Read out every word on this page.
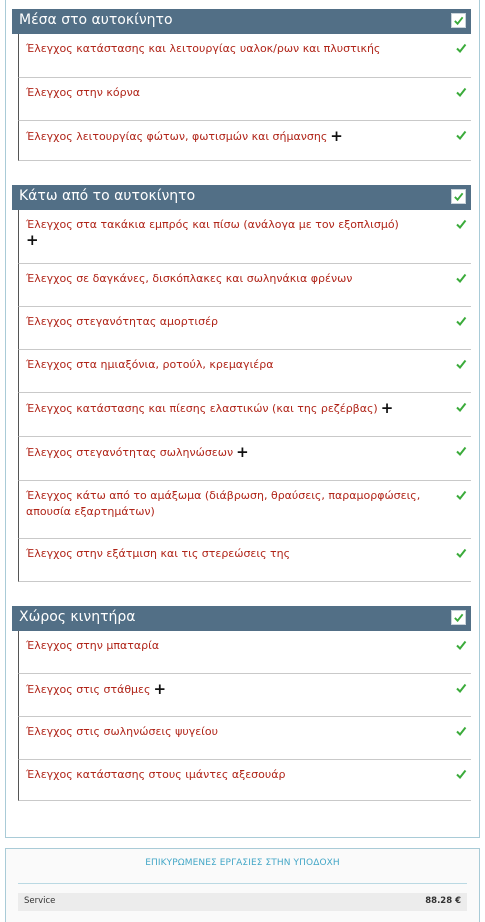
Μέσα στο αυτοκίνητο
Έλεγχος κατάστασης και λειτουργίας υαλοκ/ρων και πλυστικής
Έλεγχος στην κόρνα
Έλεγχος λειτουργίας φώτων, φωτισμών και σήμανσης +
Κάτω από το αυτοκίνητο
Έλεγχος στα τακάκια εμπρός και πίσω (ανάλογα με τον εξοπλισμό)
+
Έλεγχος σε δαγκάνες, δισκόπλακες και σωληνάκια φρένων
Έλεγχος στεγανότητας αμορτισέρ
Έλεγχος στα ημιαξόνια, ροτούλ, κρεμαγιέρα
Έλεγχος κατάστασης και πίεσης ελαστικών (και της ρεζέρβας) +
Έλεγχος στεγανότητας σωληνώσεων +
Έλεγχος κάτω από το αμάξωμα (διάβρωση, θραύσεις, παραμορφώσεις, απουσία εξαρτημάτων)
Έλεγχος στην εξάτμιση και τις στερεώσεις της
Χώρος κινητήρα
Έλεγχος στην μπαταρία
Έλεγχος στις στάθμες +
Έλεγχος στις σωληνώσεις ψυγείου
Έλεγχος κατάστασης στους ιμάντες αξεσουάρ
ΕΠΙΚΥΡΩΜΕΝΕΣ ΕΡΓΑΣΙΕΣ ΣΤΗΝ ΥΠΟΔΟΧΗ
Service	88.28 €
